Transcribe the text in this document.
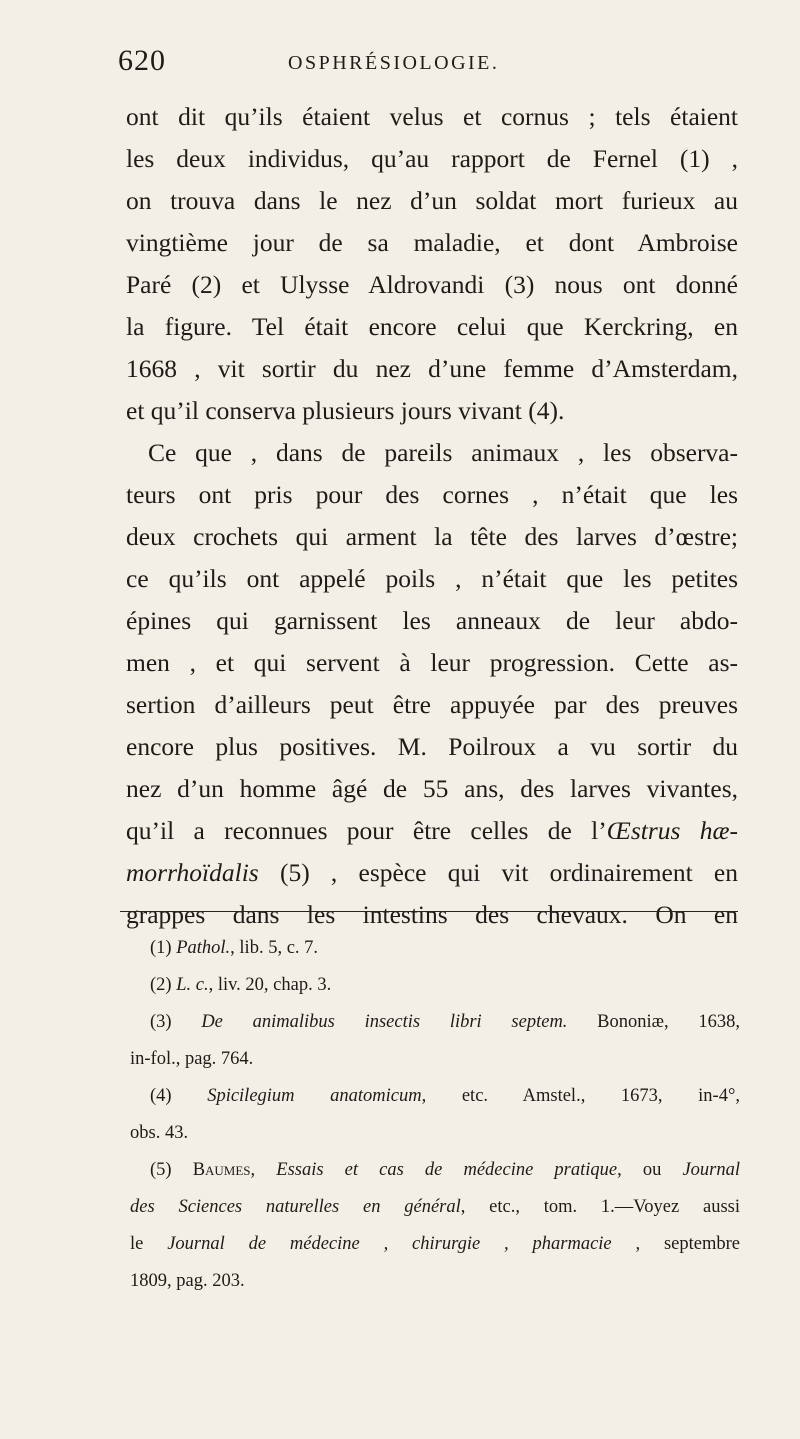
620	OSPHRÉSIOLOGIE.
ont dit qu’ils étaient velus et cornus ; tels étaient
les deux individus, qu’au rapport de Fernel (1) ,
on trouva dans le nez d’un soldat mort furieux au
vingtième jour de sa maladie, et dont Ambroise
Paré (2) et Ulysse Aldrovandi (3) nous ont donné
la figure. Tel était encore celui que Kerckring, en
1668 , vit sortir du nez d’une femme d’Amsterdam,
et qu’il conserva plusieurs jours vivant (4).
Ce que , dans de pareils animaux , les observa-
teurs ont pris pour des cornes , n’était que les
deux crochets qui arment la tête des larves d’œstre;
ce qu’ils ont appelé poils , n’était que les petites
épines qui garnissent les anneaux de leur abdo-
men , et qui servent à leur progression. Cette as-
sertion d’ailleurs peut être appuyée par des preuves
encore plus positives. M. Poilroux a vu sortir du
nez d’un homme âgé de 55 ans, des larves vivantes,
qu’il a reconnues pour être celles de l’Œstrus hæ-
morrhoïdalis (5) , espèce qui vit ordinairement en
grappes dans les intestins des chevaux. On en
(1) Pathol., lib. 5, c. 7.
(2) L. c., liv. 20, chap. 3.
(3) De animalibus insectis libri septem. Bononiæ, 1638,
in-fol., pag. 764.
(4) Spicilegium anatomicum, etc. Amstel., 1673, in-4°,
obs. 43.
(5) Baumes, Essais et cas de médecine pratique, ou Journal
des Sciences naturelles en général, etc., tom. 1.—Voyez aussi
le Journal de médecine , chirurgie , pharmacie , septembre
1809, pag. 203.
